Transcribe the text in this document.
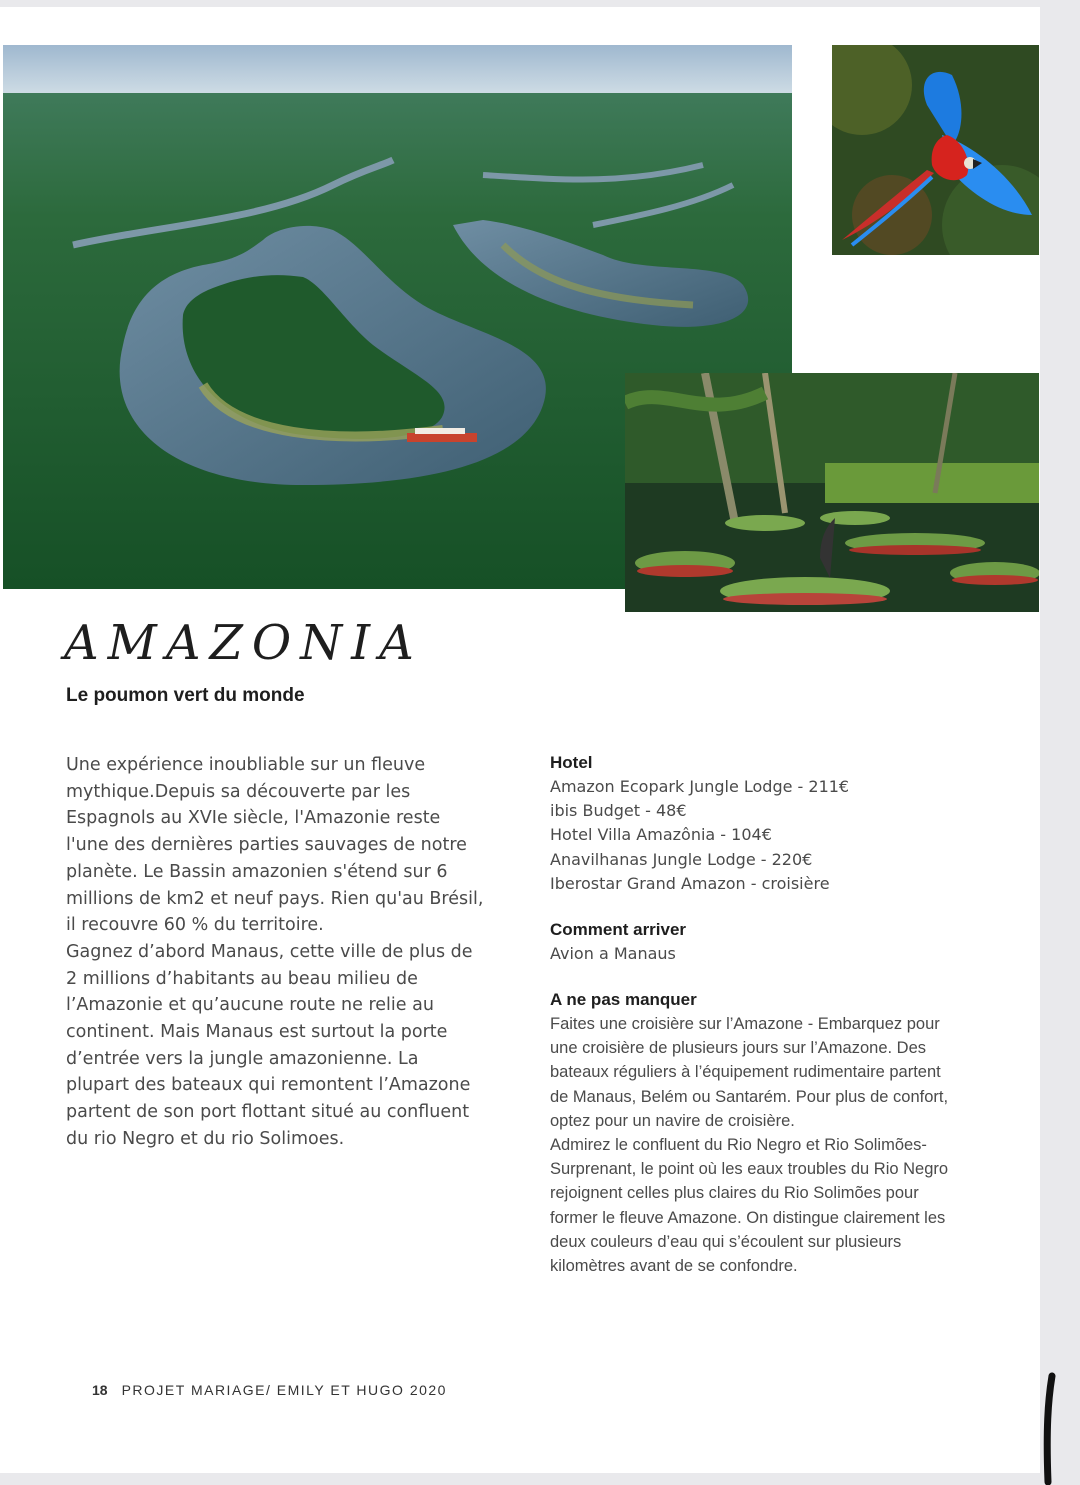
AMAZONIA
Le poumon vert du monde
Une expérience inoubliable sur un fleuve
mythique.Depuis sa découverte par les
Espagnols au XVIe siècle, l'Amazonie reste
l'une des dernières parties sauvages de notre
planète. Le Bassin amazonien s'étend sur 6
millions de km2 et neuf pays. Rien qu'au Brésil,
il recouvre 60 % du territoire.
Gagnez d’abord Manaus, cette ville de plus de
2 millions d’habitants au beau milieu de
l’Amazonie et qu’aucune route ne relie au
continent. Mais Manaus est surtout la porte
d’entrée vers la jungle amazonienne. La
plupart des bateaux qui remontent l’Amazone
partent de son port flottant situé au confluent
du rio Negro et du rio Solimoes.

Hotel

Amazon Ecopark Jungle Lodge - 211€
ibis Budget - 48€
Hotel Villa Amazônia - 104€
Anavilhanas Jungle Lodge - 220€
Iberostar Grand Amazon - croisière

Comment arriver

Avion a Manaus

A ne pas manquer

Faites une croisière sur l’Amazone - Embarquez pour
une croisière de plusieurs jours sur l’Amazone. Des
bateaux réguliers à l’équipement rudimentaire partent
de Manaus, Belém ou Santarém. Pour plus de confort,
optez pour un navire de croisière.
Admirez le confluent du Rio Negro et Rio Solimões-
Surprenant, le point où les eaux troubles du Rio Negro
rejoignent celles plus claires du Rio Solimões pour
former le fleuve Amazone. On distingue clairement les
deux couleurs d’eau qui s’écoulent sur plusieurs
kilomètres avant de se confondre.
18 PROJET MARIAGE/ EMILY ET HUGO 2020
